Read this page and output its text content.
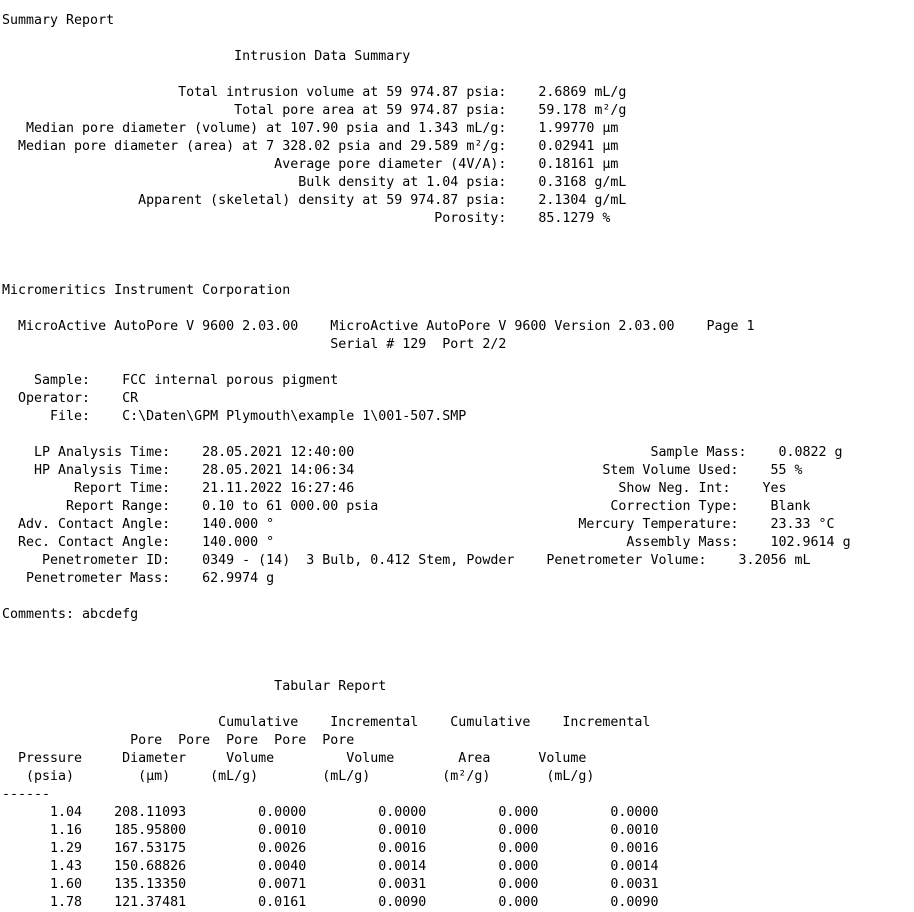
Summary Report
Intrusion Data Summary
Total intrusion volume at 59 974.87 psia:    2.6869 mL/g
Total pore area at 59 974.87 psia:    59.178 m²/g
Median pore diameter (volume) at 107.90 psia and 1.343 mL/g:    1.99770 µm
Median pore diameter (area) at 7 328.02 psia and 29.589 m²/g:    0.02941 µm
Average pore diameter (4V/A):    0.18161 µm
Bulk density at 1.04 psia:    0.3168 g/mL
Apparent (skeletal) density at 59 974.87 psia:    2.1304 g/mL
Porosity:    85.1279 %
Micromeritics Instrument Corporation
MicroActive AutoPore V 9600 2.03.00    MicroActive AutoPore V 9600 Version 2.03.00    Page 1
Serial # 129  Port 2/2
Sample:    FCC internal porous pigment
Operator:    CR
File:    C:\Daten\GPM Plymouth\example 1\001-507.SMP
LP Analysis Time:    28.05.2021 12:40:00                                     Sample Mass:    0.0822 g
HP Analysis Time:    28.05.2021 14:06:34                               Stem Volume Used:    55 %
Report Time:    21.11.2022 16:27:46                                 Show Neg. Int:    Yes
Report Range:    0.10 to 61 000.00 psia                             Correction Type:    Blank
Adv. Contact Angle:    140.000 °                                      Mercury Temperature:    23.33 °C
Rec. Contact Angle:    140.000 °                                            Assembly Mass:    102.9614 g
Penetrometer ID:    0349 - (14)  3 Bulb, 0.412 Stem, Powder    Penetrometer Volume:    3.2056 mL
Penetrometer Mass:    62.9974 g
Comments: abcdefg
Tabular Report
Cumulative    Incremental    Cumulative    Incremental
Pore  Pore  Pore  Pore  Pore
Pressure     Diameter     Volume         Volume        Area      Volume
(psia)        (µm)     (mL/g)        (mL/g)         (m²/g)       (mL/g)
------
1.04    208.11093         0.0000         0.0000         0.000         0.0000
1.16    185.95800         0.0010         0.0010         0.000         0.0010
1.29    167.53175         0.0026         0.0016         0.000         0.0016
1.43    150.68826         0.0040         0.0014         0.000         0.0014
1.60    135.13350         0.0071         0.0031         0.000         0.0031
1.78    121.37481         0.0161         0.0090         0.000         0.0090
